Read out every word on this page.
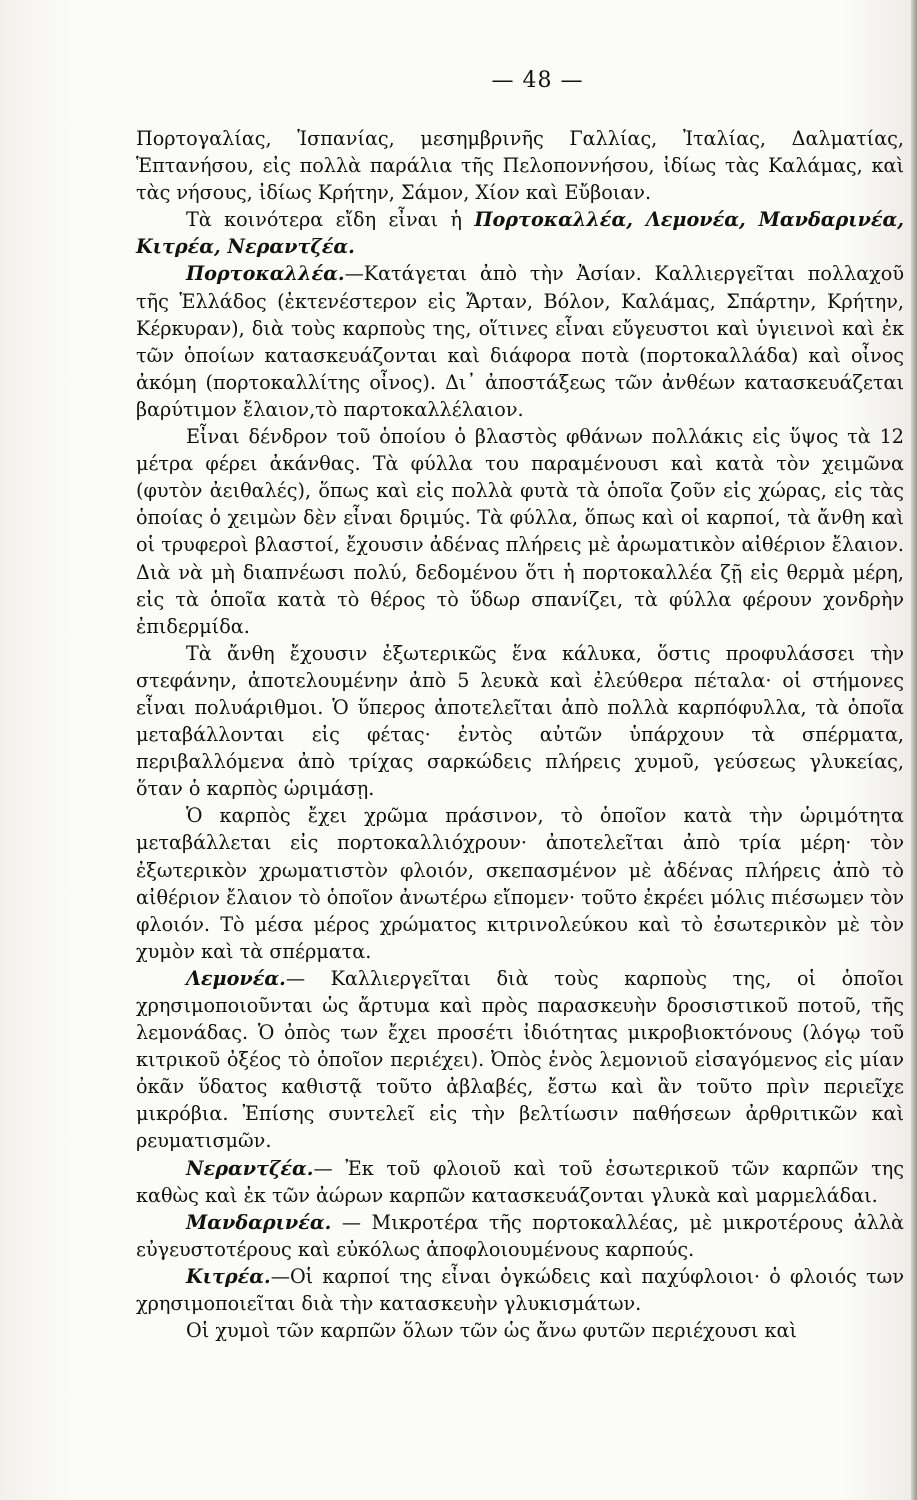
— 48 —

Πορτογαλίας, Ἱσπανίας, μεσημβρινῆς Γαλλίας, Ἰταλίας, Δαλματίας, Ἑπτανήσου, εἰς πολλὰ παράλια τῆς Πελοποννήσου, ἰδίως τὰς Καλάμας, καὶ τὰς νήσους, ἰδίως Κρήτην, Σάμον, Χίον καὶ Εὔβοιαν.

Τὰ κοινότερα εἴδη εἶναι ἡ Πορτοκαλλέα, Λεμονέα, Μανδαρινέα, Κιτρέα, Νεραντζέα.

Πορτοκαλλέα.—Κατάγεται ἀπὸ τὴν Ἀσίαν. Καλλιεργεῖται πολλαχοῦ τῆς Ἑλλάδος (ἐκτενέστερον εἰς Ἄρταν, Βόλον, Καλάμας, Σπάρτην, Κρήτην, Κέρκυραν), διὰ τοὺς καρποὺς της, οἵτινες εἶναι εὔγευστοι καὶ ὑγιεινοὶ καὶ ἐκ τῶν ὁποίων κατασκευάζονται καὶ διάφορα ποτὰ (πορτοκαλλάδα) καὶ οἶνος ἀκόμη (πορτοκαλλίτης οἶνος). Δι᾿ ἀποστάξεως τῶν ἀνθέων κατασκευάζεται βαρύτιμον ἔλαιον,τὸ παρτοκαλλέλαιον.

Εἶναι δένδρον τοῦ ὁποίου ὁ βλαστὸς φθάνων πολλάκις εἰς ὕψος τὰ 12 μέτρα φέρει ἀκάνθας. Τὰ φύλλα του παραμένουσι καὶ κατὰ τὸν χειμῶνα (φυτὸν ἀειθαλές), ὅπως καὶ εἰς πολλὰ φυτὰ τὰ ὁποῖα ζοῦν εἰς χώρας, εἰς τὰς ὁποίας ὁ χειμὼν δὲν εἶναι δριμύς. Τὰ φύλλα, ὅπως καὶ οἱ καρποί, τὰ ἄνθη καὶ οἱ τρυφεροὶ βλαστοί, ἔχουσιν ἀδένας πλήρεις μὲ ἀρωματικὸν αἰθέριον ἔλαιον. Διὰ νὰ μὴ διαπνέωσι πολύ, δεδομένου ὅτι ἡ πορτοκαλλέα ζῇ εἰς θερμὰ μέρη, εἰς τὰ ὁποῖα κατὰ τὸ θέρος τὸ ὕδωρ σπανίζει, τὰ φύλλα φέρουν χονδρὴν ἐπιδερμίδα.

Τὰ ἄνθη ἔχουσιν ἐξωτερικῶς ἕνα κάλυκα, ὅστις προφυλάσσει τὴν στεφάνην, ἀποτελουμένην ἀπὸ 5 λευκὰ καὶ ἐλεύθερα πέταλα· οἱ στήμονες εἶναι πολυάριθμοι. Ὁ ὕπερος ἀποτελεῖται ἀπὸ πολλὰ καρπόφυλλα, τὰ ὁποῖα μεταβάλλονται εἰς φέτας· ἐντὸς αὐτῶν ὑπάρχουν τὰ σπέρματα, περιβαλλόμενα ἀπὸ τρίχας σαρκώδεις πλήρεις χυμοῦ, γεύσεως γλυκείας, ὅταν ὁ καρπὸς ὡριμάσῃ.

Ὁ καρπὸς ἔχει χρῶμα πράσινον, τὸ ὁποῖον κατὰ τὴν ὡριμότητα μεταβάλλεται εἰς πορτοκαλλιόχρουν· ἀποτελεῖται ἀπὸ τρία μέρη· τὸν ἐξωτερικὸν χρωματιστὸν φλοιόν, σκεπασμένον μὲ ἀδένας πλήρεις ἀπὸ τὸ αἰθέριον ἔλαιον τὸ ὁποῖον ἀνωτέρω εἴπομεν· τοῦτο ἐκρέει μόλις πιέσωμεν τὸν φλοιόν. Τὸ μέσα μέρος χρώματος κιτρινολεύκου καὶ τὸ ἐσωτερικὸν μὲ τὸν χυμὸν καὶ τὰ σπέρματα.

Λεμονέα.— Καλλιεργεῖται διὰ τοὺς καρποὺς της, οἱ ὁποῖοι χρησιμοποιοῦνται ὡς ἄρτυμα καὶ πρὸς παρασκευὴν δροσιστικοῦ ποτοῦ, τῆς λεμονάδας. Ὁ ὀπὸς των ἔχει προσέτι ἰδιότητας μικροβιοκτόνους (λόγῳ τοῦ κιτρικοῦ ὀξέος τὸ ὁποῖον περιέχει). Ὀπὸς ἑνὸς λεμονιοῦ εἰσαγόμενος εἰς μίαν ὀκᾶν ὕδατος καθιστᾷ τοῦτο ἀβλαβές, ἔστω καὶ ἂν τοῦτο πρὶν περιεῖχε μικρόβια. Ἐπίσης συντελεῖ εἰς τὴν βελτίωσιν παθήσεων ἀρθριτικῶν καὶ ρευματισμῶν.

Νεραντζέα.— Ἐκ τοῦ φλοιοῦ καὶ τοῦ ἐσωτερικοῦ τῶν καρπῶν της καθὼς καὶ ἐκ τῶν ἀώρων καρπῶν κατασκευάζονται γλυκὰ καὶ μαρμελάδαι.

Μανδαρινέα. — Μικροτέρα τῆς πορτοκαλλέας, μὲ μικροτέρους ἀλλὰ εὐγευστοτέρους καὶ εὐκόλως ἀποφλοιουμένους καρπούς.

Κιτρέα.—Οἱ καρποί της εἶναι ὀγκώδεις καὶ παχύφλοιοι· ὁ φλοιός των χρησιμοποιεῖται διὰ τὴν κατασκευὴν γλυκισμάτων.

Οἱ χυμοὶ τῶν καρπῶν ὅλων τῶν ὡς ἄνω φυτῶν περιέχουσι καὶ
